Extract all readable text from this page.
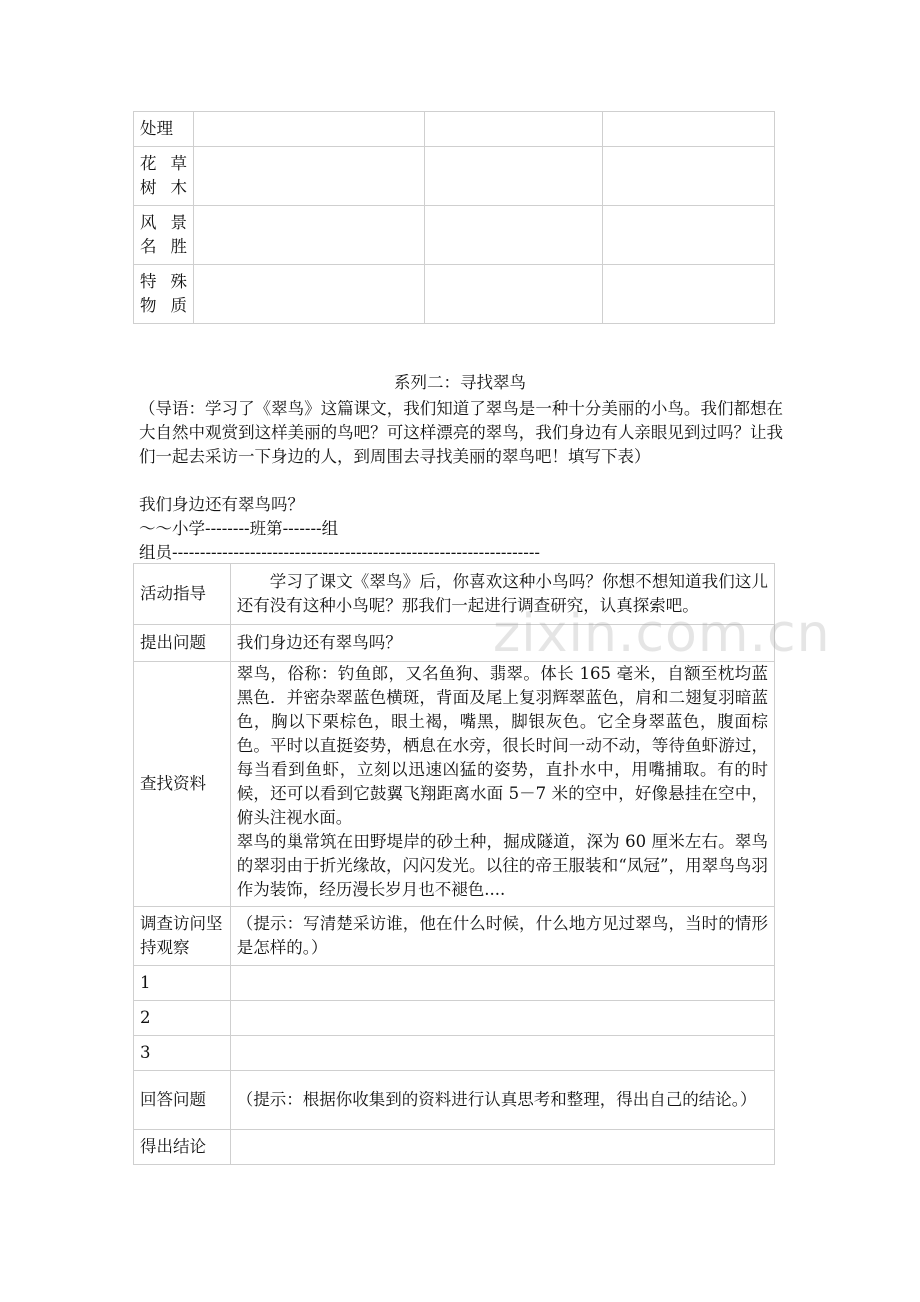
处理			

花 草 树木			

风 景 名胜			

特 殊 物质			

系列二：寻找翠鸟
（导语：学习了《翠鸟》这篇课文，我们知道了翠鸟是一种十分美丽的小鸟。我们都想在大自然中观赏到这样美丽的鸟吧？可这样漂亮的翠鸟，我们身边有人亲眼见到过吗？让我们一起去采访一下身边的人，到周围去寻找美丽的翠鸟吧！填写下表）
我们身边还有翠鸟吗？
～～小学--------班第-------组
组员------------------------------------------------------------------
活动指导	学习了课文《翠鸟》后，你喜欢这种小鸟吗？你想不想知道我们这儿还有没有这种小鸟呢？那我们一起进行调查研究，认真探索吧。

提出问题	我们身边还有翠鸟吗？
查找资料	翠鸟，俗称：钓鱼郎，又名鱼狗、翡翠。体长 165 毫米，自额至枕均蓝黑色．并密杂翠蓝色横斑，背面及尾上复羽辉翠蓝色，肩和二翅复羽暗蓝色，胸以下栗棕色，眼土褐，嘴黑，脚银灰色。它全身翠蓝色，腹面棕色。平时以直挺姿势，栖息在水旁，很长时间一动不动，等待鱼虾游过，每当看到鱼虾，立刻以迅速凶猛的姿势，直扑水中，用嘴捕取。有的时候，还可以看到它鼓翼飞翔距离水面 5－7 米的空中，好像悬挂在空中，俯头注视水面。

翠鸟的巢常筑在田野堤岸的砂土种，掘成隧道，深为 60 厘米左右。翠鸟的翠羽由于折光缘故，闪闪发光。以往的帝王服装和“凤冠”，用翠鸟鸟羽作为装饰，经历漫长岁月也不褪色....

调查访问坚持观察	（提示：写清楚采访谁，他在什么时候，什么地方见过翠鸟，当时的情形是怎样的。）
1	
2	
3	
回答问题	（提示：根据你收集到的资料进行认真思考和整理，得出自己的结论。）
得出结论	
zixin.com.cn
